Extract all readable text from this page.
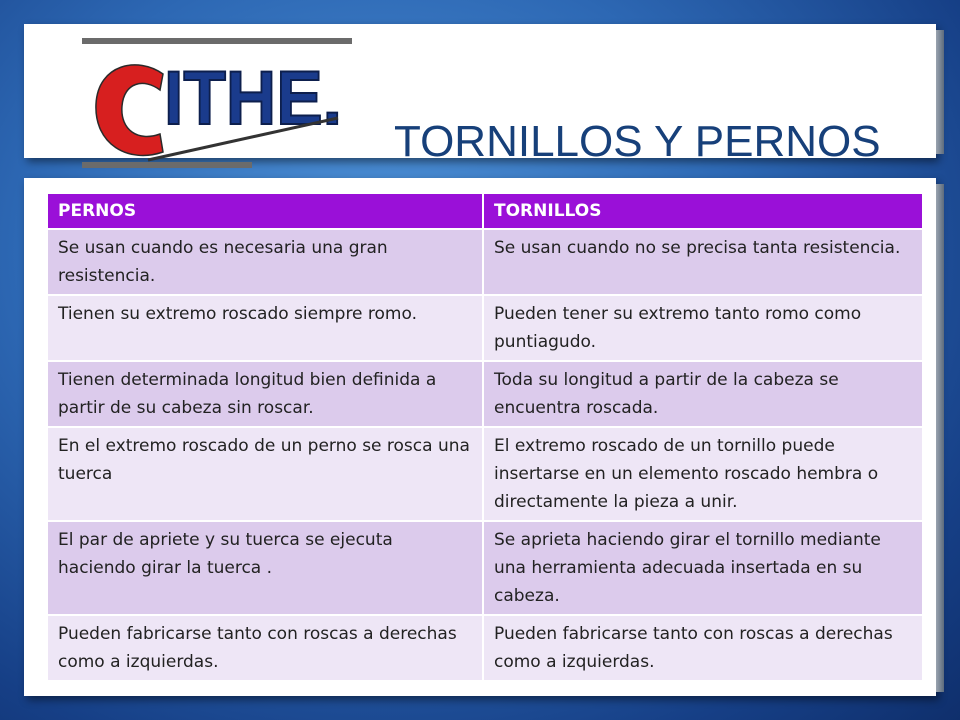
ITHE.
TORNILLOS Y PERNOS
PERNOS	TORNILLOS
Se usan cuando es necesaria una gran resistencia.	Se usan cuando no se precisa tanta resistencia.
Tienen su extremo roscado siempre romo.	Pueden tener su extremo tanto romo como puntiagudo.
Tienen determinada longitud bien definida a partir de su cabeza sin roscar.	Toda su longitud a partir de la cabeza se encuentra roscada.
En el extremo roscado de un perno se rosca una tuerca	El extremo roscado de un tornillo puede insertarse en un elemento roscado hembra o directamente la pieza a unir.
El par de apriete y su tuerca se ejecuta haciendo girar la tuerca .	Se aprieta haciendo girar el tornillo mediante una herramienta adecuada insertada en su cabeza.
Pueden fabricarse tanto con roscas a derechas como a izquierdas.	Pueden fabricarse tanto con roscas a derechas como a izquierdas.
